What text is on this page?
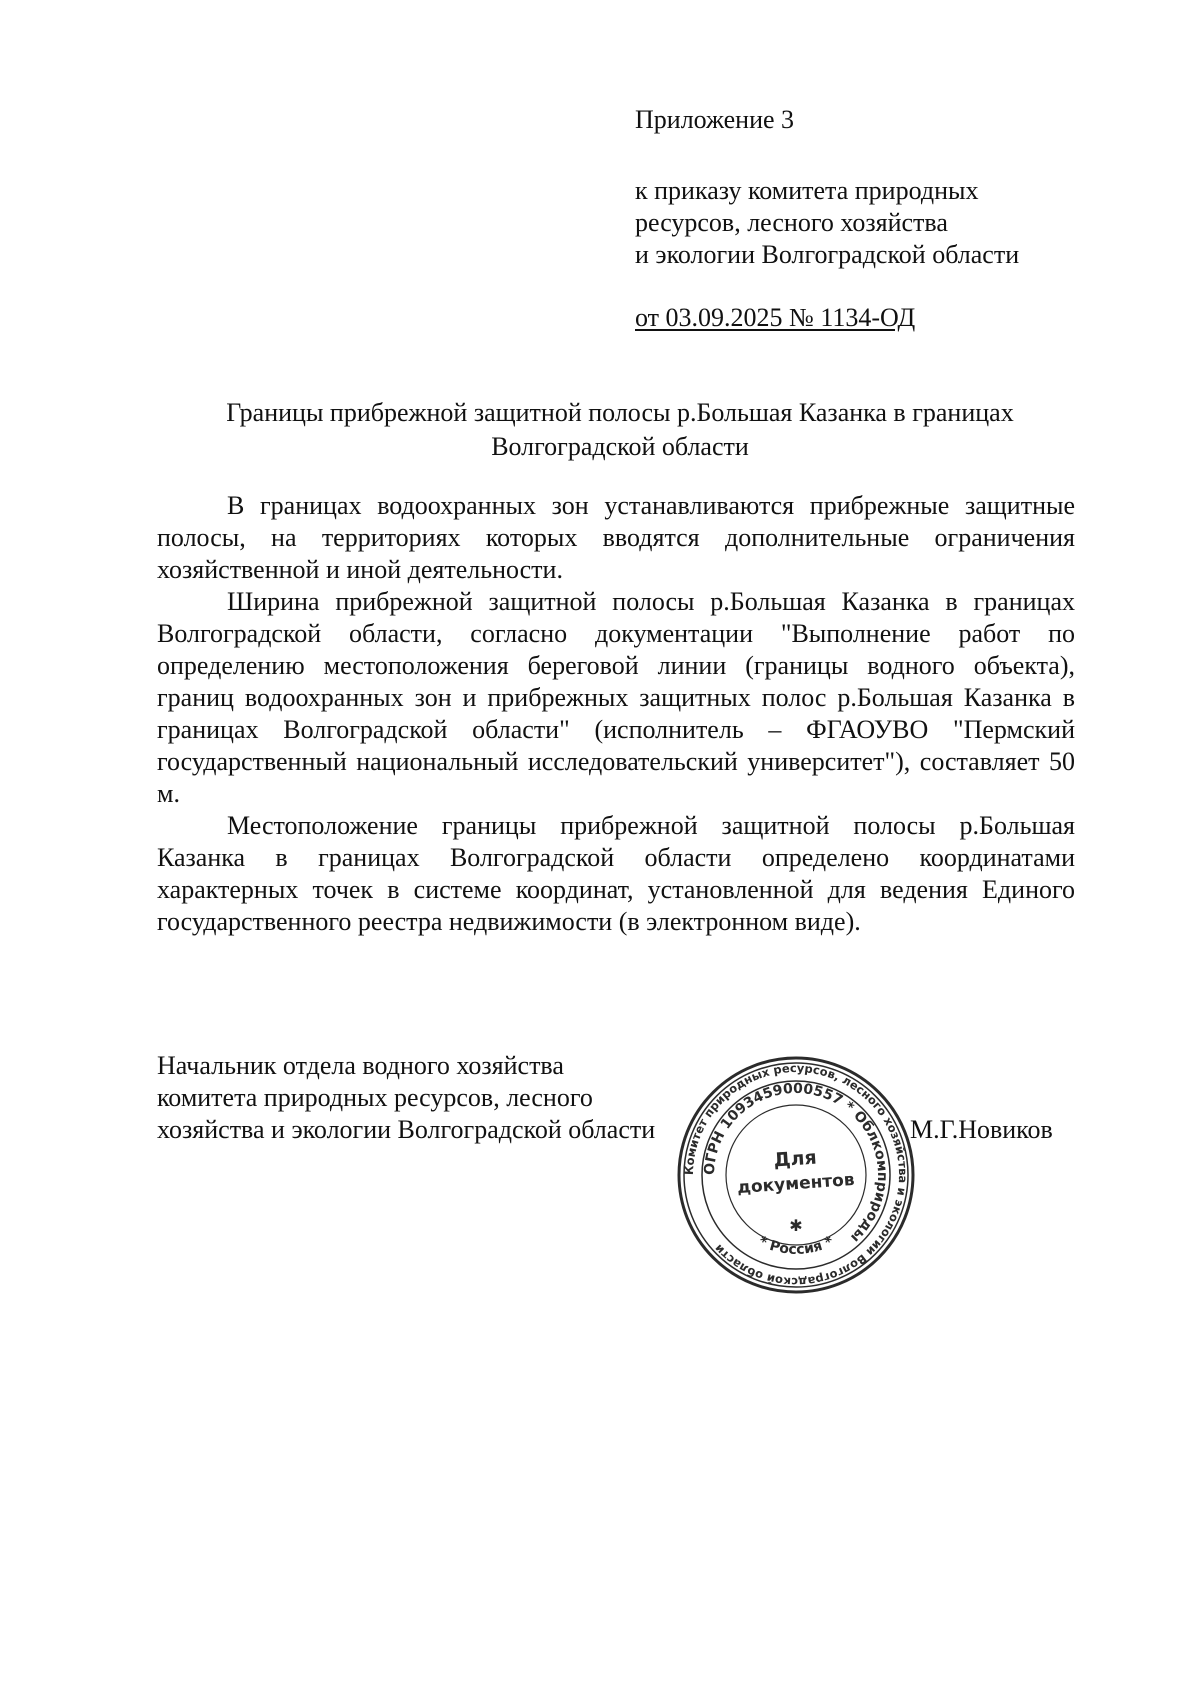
Приложение 3
к приказу комитета природных
ресурсов, лесного хозяйства
и экологии Волгоградской области
от 03.09.2025 № 1134-ОД
Границы прибрежной защитной полосы р.Большая Казанка в границах
Волгоградской области

В границах водоохранных зон устанавливаются прибрежные защитные полосы, на территориях которых вводятся дополнительные ограничения хозяйственной и иной деятельности.

Ширина прибрежной защитной полосы р.Большая Казанка в границах Волгоградской области, согласно документации "Выполнение работ по определению местоположения береговой линии (границы водного объекта), границ водоохранных зон и прибрежных защитных полос р.Большая Казанка в границах Волгоградской области" (исполнитель – ФГАОУВО "Пермский государственный национальный исследовательский университет"), составляет 50 м.

Местоположение границы прибрежной защитной полосы р.Большая Казанка в границах Волгоградской области определено координатами характерных точек в системе координат, установленной для ведения Единого государственного реестра недвижимости (в электронном виде).

Начальник отдела водного хозяйства
комитета природных ресурсов, лесного
хозяйства и экологии Волгоградской области	М.Г.Новиков
Комитет природных ресурсов, лесного хозяйства и экологии Волгоградской области
ОГРН 1093459000557 * Облкомприроды
* Россия *
Для
документов
✱
